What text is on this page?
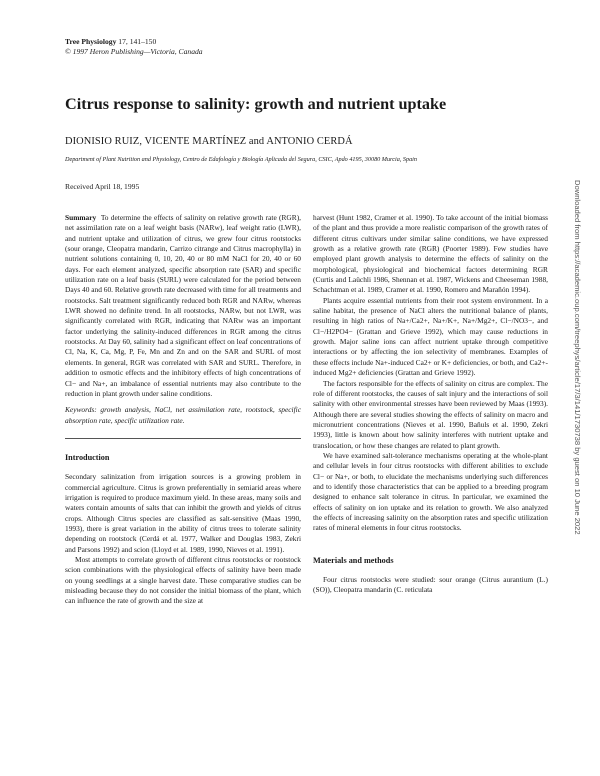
Tree Physiology 17, 141–150
© 1997 Heron Publishing—Victoria, Canada
Citrus response to salinity: growth and nutrient uptake
DIONISIO RUIZ, VICENTE MARTÍNEZ and ANTONIO CERDÁ
Department of Plant Nutrition and Physiology, Centro de Edafología y Biología Aplicada del Segura, CSIC, Apdo 4195, 30080 Murcia, Spain
Received April 18, 1995

Summary To determine the effects of salinity on relative growth rate (RGR), net assimilation rate on a leaf weight basis (NARw), leaf weight ratio (LWR), and nutrient uptake and utilization of citrus, we grew four citrus rootstocks (sour orange, Cleopatra mandarin, Carrizo citrange and Citrus macrophylla) in nutrient solutions containing 0, 10, 20, 40 or 80 mM NaCl for 20, 40 or 60 days. For each element analyzed, specific absorption rate (SAR) and specific utilization rate on a leaf basis (SURL) were calculated for the period between Days 40 and 60. Relative growth rate decreased with time for all treatments and rootstocks. Salt treatment significantly reduced both RGR and NARw, whereas LWR showed no definite trend. In all rootstocks, NARw, but not LWR, was significantly correlated with RGR, indicating that NARw was an important factor underlying the salinity-induced differences in RGR among the citrus rootstocks. At Day 60, salinity had a significant effect on leaf concentrations of Cl, Na, K, Ca, Mg, P, Fe, Mn and Zn and on the SAR and SURL of most elements. In general, RGR was correlated with SAR and SURL. Therefore, in addition to osmotic effects and the inhibitory effects of high concentrations of Cl− and Na+, an imbalance of essential nutrients may also contribute to the reduction in plant growth under saline conditions.

Keywords: growth analysis, NaCl, net assimilation rate, rootstock, specific absorption rate, specific utilization rate.

Introduction

Secondary salinization from irrigation sources is a growing problem in commercial agriculture. Citrus is grown preferentially in semiarid areas where irrigation is required to produce maximum yield. In these areas, many soils and waters contain amounts of salts that can inhibit the growth and yields of citrus crops. Although Citrus species are classified as salt-sensitive (Maas 1990, 1993), there is great variation in the ability of citrus trees to tolerate salinity depending on rootstock (Cerdá et al. 1977, Walker and Douglas 1983, Zekri and Parsons 1992) and scion (Lloyd et al. 1989, 1990, Nieves et al. 1991).

Most attempts to correlate growth of different citrus rootstocks or rootstock scion combinations with the physiological effects of salinity have been made on young seedlings at a single harvest date. These comparative studies can be misleading because they do not consider the initial biomass of the plant, which can influence the rate of growth and the size at

harvest (Hunt 1982, Cramer et al. 1990). To take account of the initial biomass of the plant and thus provide a more realistic comparison of the growth rates of different citrus cultivars under similar saline conditions, we have expressed growth as a relative growth rate (RGR) (Poorter 1989). Few studies have employed plant growth analysis to determine the effects of salinity on the morphological, physiological and biochemical factors determining RGR (Curtis and Laüchli 1986, Shennan et al. 1987, Wickens and Cheeseman 1988, Schachtman et al. 1989, Cramer et al. 1990, Romero and Marañón 1994).

Plants acquire essential nutrients from their root system environment. In a saline habitat, the presence of NaCl alters the nutritional balance of plants, resulting in high ratios of Na+/Ca2+, Na+/K+, Na+/Mg2+, Cl−/NO3−, and Cl−/H2PO4− (Grattan and Grieve 1992), which may cause reductions in growth. Major saline ions can affect nutrient uptake through competitive interactions or by affecting the ion selectivity of membranes. Examples of these effects include Na+-induced Ca2+ or K+ deficiencies, or both, and Ca2+-induced Mg2+ deficiencies (Grattan and Grieve 1992).

The factors responsible for the effects of salinity on citrus are complex. The role of different rootstocks, the causes of salt injury and the interactions of soil salinity with other environmental stresses have been reviewed by Maas (1993). Although there are several studies showing the effects of salinity on macro and micronutrient concentrations (Nieves et al. 1990, Bañuls et al. 1990, Zekri 1993), little is known about how salinity interferes with nutrient uptake and translocation, or how these changes are related to plant growth.

We have examined salt-tolerance mechanisms operating at the whole-plant and cellular levels in four citrus rootstocks with different abilities to exclude Cl− or Na+, or both, to elucidate the mechanisms underlying such differences and to identify those characteristics that can be applied to a breeding program designed to enhance salt tolerance in citrus. In particular, we examined the effects of salinity on ion uptake and its relation to growth. We also analyzed the effects of increasing salinity on the absorption rates and specific utilization rates of mineral elements in four citrus rootstocks.

Materials and methods

Four citrus rootstocks were studied: sour orange (Citrus aurantium (L.) (SO)), Cleopatra mandarin (C. reticulata

Downloaded from https://academic.oup.com/treephys/article/17/3/141/1730738 by guest on 10 June 2022
